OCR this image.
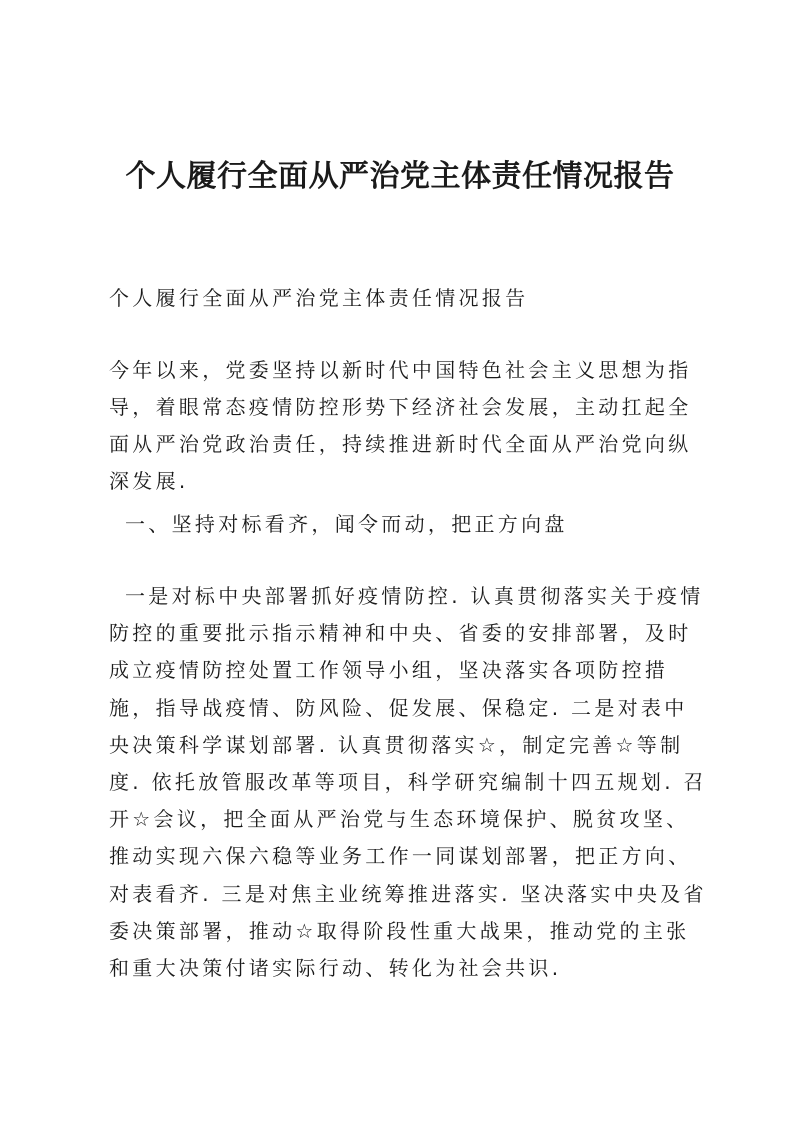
个人履行全面从严治党主体责任情况报告

个人履行全面从严治党主体责任情况报告

今年以来，党委坚持以新时代中国特色社会主义思想为指导，着眼常态疫情防控形势下经济社会发展，主动扛起全面从严治党政治责任，持续推进新时代全面从严治党向纵深发展.

一、坚持对标看齐，闻令而动，把正方向盘

一是对标中央部署抓好疫情防控. 认真贯彻落实关于疫情防控的重要批示指示精神和中央、省委的安排部署，及时成立疫情防控处置工作领导小组，坚决落实各项防控措施，指导战疫情、防风险、促发展、保稳定. 二是对表中央决策科学谋划部署. 认真贯彻落实☆，制定完善☆等制度. 依托放管服改革等项目，科学研究编制十四五规划. 召开☆会议，把全面从严治党与生态环境保护、脱贫攻坚、推动实现六保六稳等业务工作一同谋划部署，把正方向、对表看齐. 三是对焦主业统筹推进落实. 坚决落实中央及省委决策部署，推动☆取得阶段性重大战果，推动党的主张和重大决策付诸实际行动、转化为社会共识.
